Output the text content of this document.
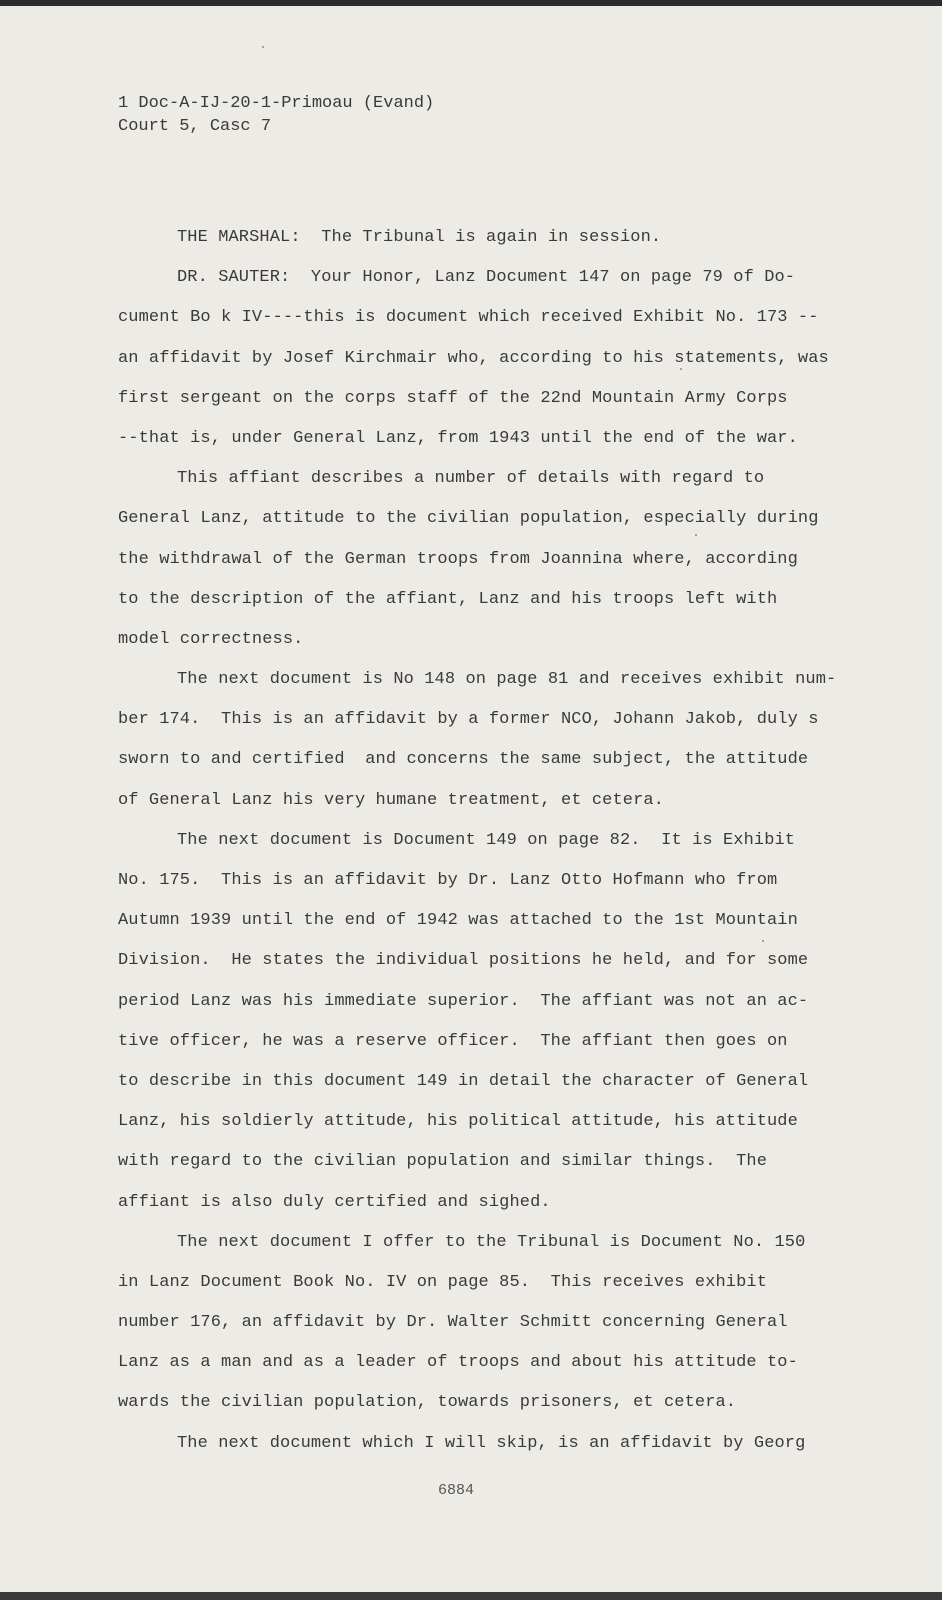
1 Doc-A-IJ-20-1-Primoau (Evand)
Court 5, Casc 7
THE MARSHAL:  The Tribunal is again in session.
DR. SAUTER:  Your Honor, Lanz Document 147 on page 79 of Do-
cument Bo k IV----this is document which received Exhibit No. 173 --
an affidavit by Josef Kirchmair who, according to his statements, was
first sergeant on the corps staff of the 22nd Mountain Army Corps
--that is, under General Lanz, from 1943 until the end of the war.
This affiant describes a number of details with regard to
General Lanz, attitude to the civilian population, especially during
the withdrawal of the German troops from Joannina where, according
to the description of the affiant, Lanz and his troops left with
model correctness.
The next document is No 148 on page 81 and receives exhibit num-
ber 174.  This is an affidavit by a former NCO, Johann Jakob, duly s
sworn to and certified  and concerns the same subject, the attitude
of General Lanz his very humane treatment, et cetera.
The next document is Document 149 on page 82.  It is Exhibit
No. 175.  This is an affidavit by Dr. Lanz Otto Hofmann who from
Autumn 1939 until the end of 1942 was attached to the 1st Mountain
Division.  He states the individual positions he held, and for some
period Lanz was his immediate superior.  The affiant was not an ac-
tive officer, he was a reserve officer.  The affiant then goes on
to describe in this document 149 in detail the character of General
Lanz, his soldierly attitude, his political attitude, his attitude
with regard to the civilian population and similar things.  The
affiant is also duly certified and sighed.
The next document I offer to the Tribunal is Document No. 150
in Lanz Document Book No. IV on page 85.  This receives exhibit
number 176, an affidavit by Dr. Walter Schmitt concerning General
Lanz as a man and as a leader of troops and about his attitude to-
wards the civilian population, towards prisoners, et cetera.
The next document which I will skip, is an affidavit by Georg
6884
